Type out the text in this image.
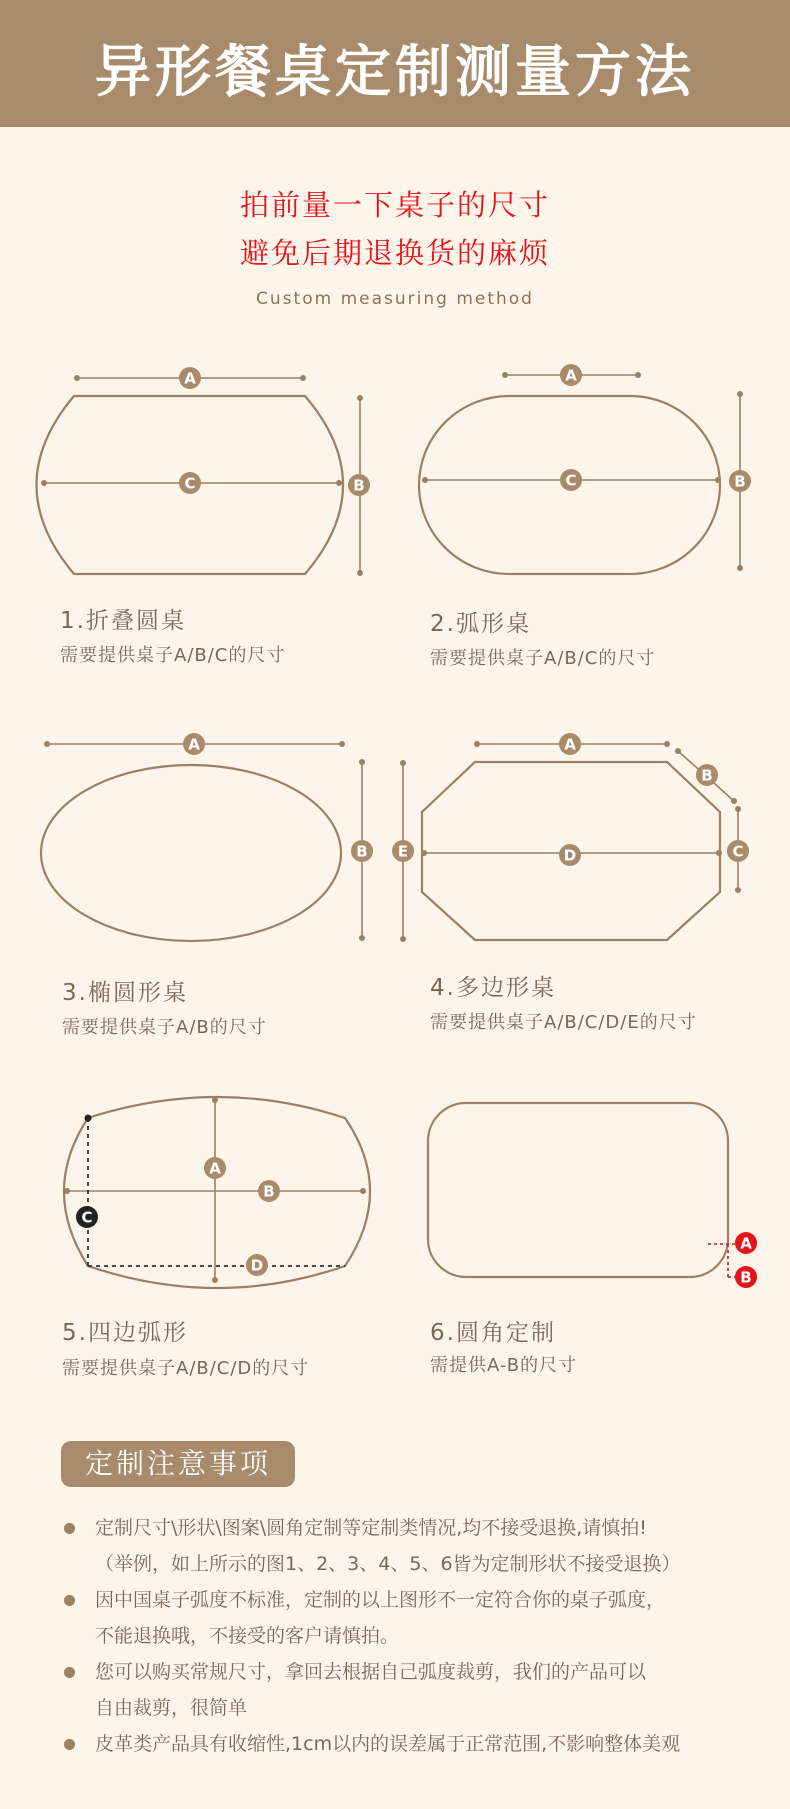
异形餐桌定制测量方法
拍前量一下桌子的尺寸
避免后期退换货的麻烦
Custom measuring method
A
C	B
A
C	B
A
B
A
B
C
D
E
A
B
C
D
A
B
1.折叠圆桌
需要提供桌子A/B/C的尺寸
2.弧形桌
需要提供桌子A/B/C的尺寸
3.椭圆形桌
需要提供桌子A/B的尺寸
4.多边形桌
需要提供桌子A/B/C/D/E的尺寸
5.四边弧形
需要提供桌子A/B/C/D的尺寸
6.圆角定制
需提供A-B的尺寸
定制注意事项
定制尺寸\形状\图案\圆角定制等定制类情况,均不接受退换,请慎拍!
（举例，如上所示的图1、2、3、4、5、6皆为定制形状不接受退换）
因中国桌子弧度不标准，定制的以上图形不一定符合你的桌子弧度，
不能退换哦，不接受的客户请慎拍。
您可以购买常规尺寸，拿回去根据自己弧度裁剪，我们的产品可以
自由裁剪，很简单
皮革类产品具有收缩性,1cm以内的误差属于正常范围,不影响整体美观
